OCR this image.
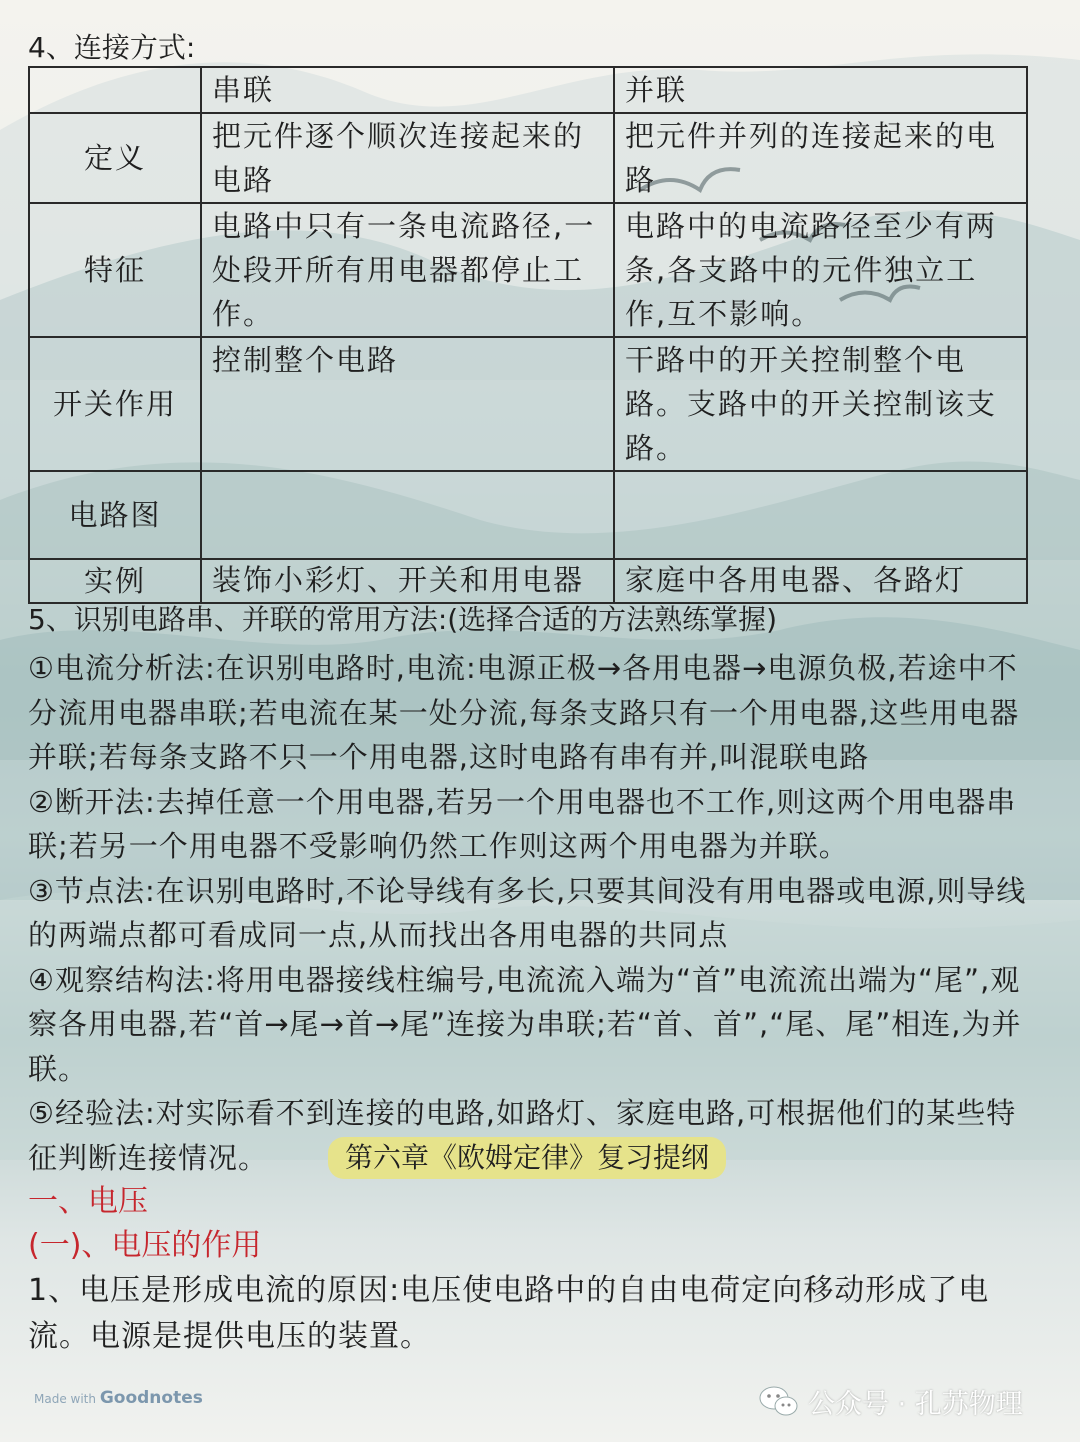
4、连接方式:
	串联	并联
定义	把元件逐个顺次连接起来的电路	把元件并列的连接起来的电路
特征	电路中只有一条电流路径,一处段开所有用电器都停止工作。	电路中的电流路径至少有两条,各支路中的元件独立工作,互不影响。
开关作用	控制整个电路	干路中的开关控制整个电路。支路中的开关控制该支路。
电路图		
实例	装饰小彩灯、开关和用电器	家庭中各用电器、各路灯
5、识别电路串、并联的常用方法:(选择合适的方法熟练掌握)

①电流分析法:在识别电路时,电流:电源正极→各用电器→电源负极,若途中不分流用电器串联;若电流在某一处分流,每条支路只有一个用电器,这些用电器并联;若每条支路不只一个用电器,这时电路有串有并,叫混联电路

②断开法:去掉任意一个用电器,若另一个用电器也不工作,则这两个用电器串联;若另一个用电器不受影响仍然工作则这两个用电器为并联。

③节点法:在识别电路时,不论导线有多长,只要其间没有用电器或电源,则导线的两端点都可看成同一点,从而找出各用电器的共同点

④观察结构法:将用电器接线柱编号,电流流入端为“首”电流流出端为“尾”,观察各用电器,若“首→尾→首→尾”连接为串联;若“首、首”,“尾、尾”相连,为并联。

⑤经验法:对实际看不到连接的电路,如路灯、家庭电路,可根据他们的某些特征判断连接情况。	第六章《欧姆定律》复习提纲
一、电压
(一)、电压的作用

1、电压是形成电流的原因:电压使电路中的自由电荷定向移动形成了电流。电源是提供电压的装置。

Made with Goodnotes	公众号 · 孔苏物理
